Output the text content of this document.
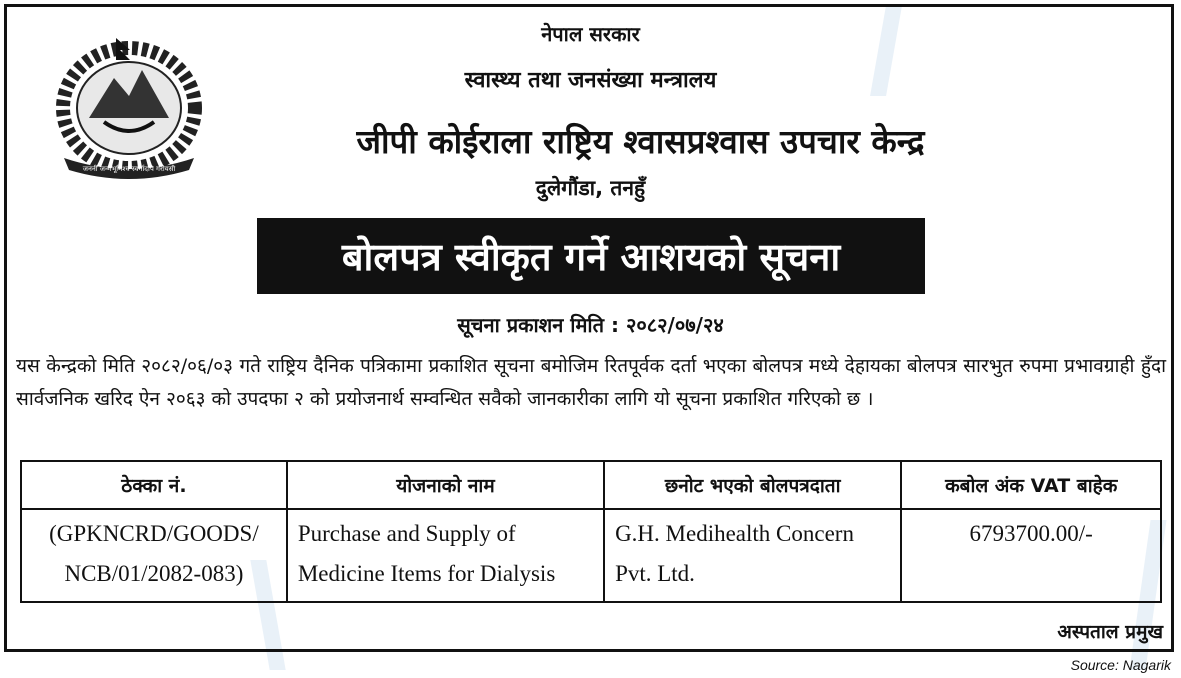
जननी जन्मभूमिश्च स्वर्गादपि गरीयसी
नेपाल सरकार
स्वास्थ्य तथा जनसंख्या मन्त्रालय
जीपी कोईराला राष्ट्रिय श्वासप्रश्वास उपचार केन्द्र
दुलेगौंडा, तनहुँ
बोलपत्र स्वीकृत गर्ने आशयको सूचना
सूचना प्रकाशन मिति : २०८२/०७/२४
यस केन्द्रको मिति २०८२/०६/०३ गते राष्ट्रिय दैनिक पत्रिकामा प्रकाशित सूचना बमोजिम रितपूर्वक दर्ता भएका बोलपत्र मध्ये देहायका बोलपत्र सारभुत रुपमा प्रभावग्राही हुँदा सार्वजनिक खरिद ऐन २०६३ को उपदफा २ को प्रयोजनार्थ सम्वन्धित सवैको जानकारीका लागि यो सूचना प्रकाशित गरिएको छ ।
ठेक्का नं.	योजनाको नाम	छनोट भएको बोलपत्रदाता	कबोल अंक VAT बाहेक
(GPKNCRD/GOODS/ NCB/01/2082-083)	Purchase and Supply of Medicine Items for Dialysis	G.H. Medihealth Concern Pvt. Ltd.	6793700.00/-
अस्पताल प्रमुख
Source: Nagarik
